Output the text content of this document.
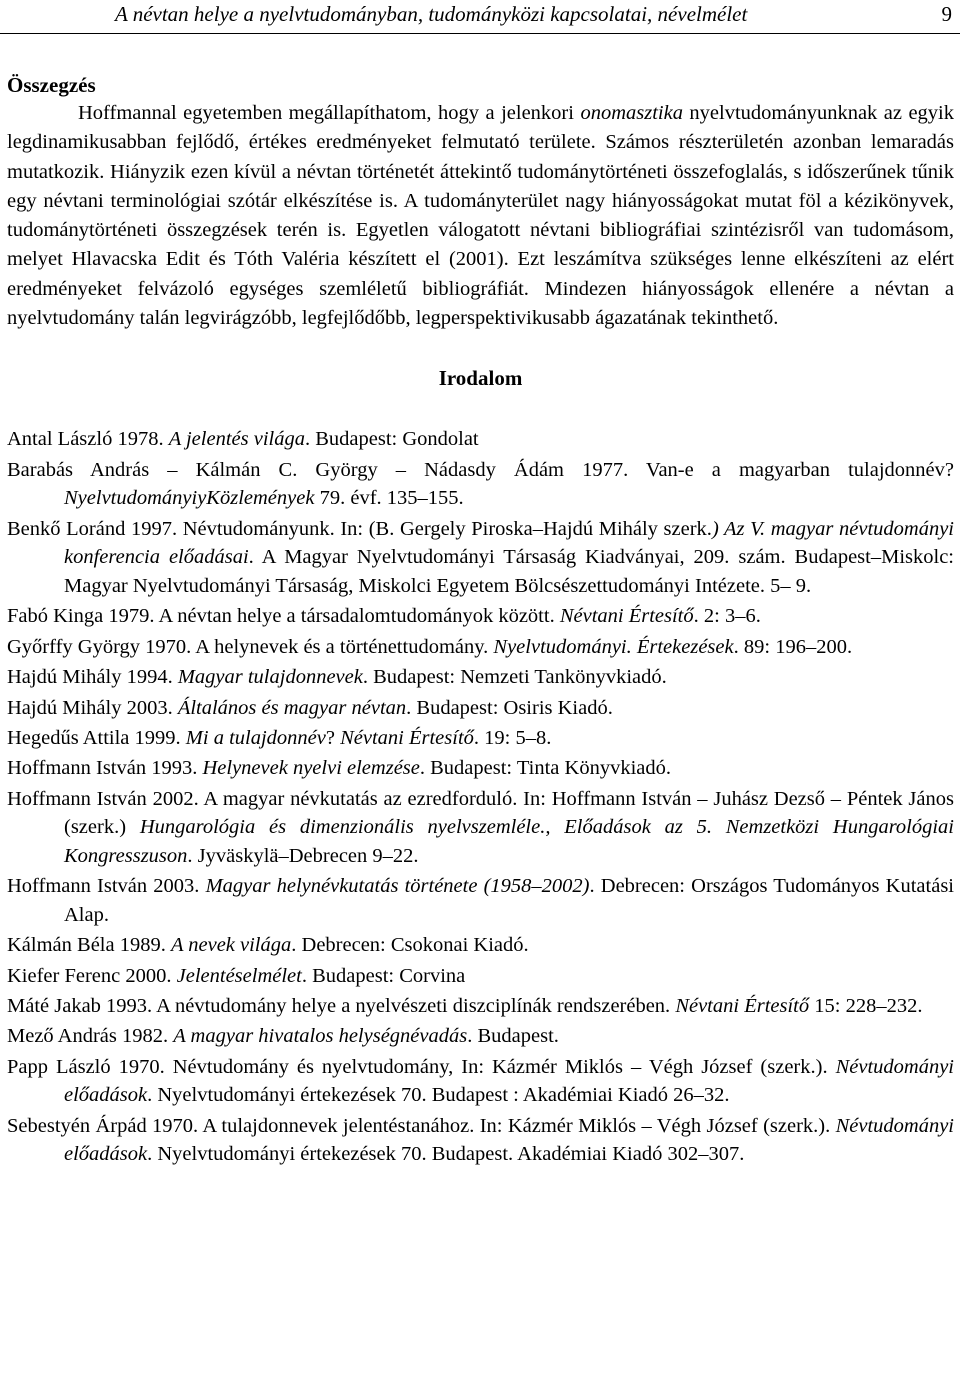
A névtan helye a nyelvtudományban, tudományközi kapcsolatai, névelmélet	9
Összegzés

Hoffmannal egyetemben megállapíthatom, hogy a jelenkori onomasztika nyelvtudományunknak az egyik legdinamikusabban fejlődő, értékes eredményeket felmutató területe. Számos részterületén azonban lemaradás mutatkozik. Hiányzik ezen kívül a névtan történetét áttekintő tudománytörténeti összefoglalás, s időszerűnek tűnik egy névtani terminológiai szótár elkészítése is. A tudományterület nagy hiányosságokat mutat föl a kézikönyvek, tudománytörténeti összegzések terén is. Egyetlen válogatott névtani bibliográfiai szintézisről van tudomásom, melyet Hlavacska Edit és Tóth Valéria készített el (2001). Ezt leszámítva szükséges lenne elkészíteni az elért eredményeket felvázoló egységes szemléletű bibliográfiát. Mindezen hiányosságok ellenére a névtan a nyelvtudomány talán legvirágzóbb, legfejlődőbb, legperspektivikusabb ágazatának tekinthető.

Irodalom
Antal László 1978. A jelentés világa. Budapest: Gondolat
Barabás András – Kálmán C. György – Nádasdy Ádám 1977. Van-e a magyarban tulajdonnév? NyelvtudományiyKözlemények 79. évf. 135–155.
Benkő Loránd 1997. Névtudományunk. In: (B. Gergely Piroska–Hajdú Mihály szerk.) Az V. magyar névtudományi konferencia előadásai. A Magyar Nyelvtudományi Társaság Kiadványai, 209. szám. Budapest–Miskolc: Magyar Nyelvtudományi Társaság, Miskolci Egyetem Bölcsészettudományi Intézete. 5– 9.
Fabó Kinga 1979. A névtan helye a társadalomtudományok között. Névtani Értesítő. 2: 3–6.
Győrffy György 1970. A helynevek és a történettudomány. Nyelvtudományi. Értekezések. 89: 196–200.
Hajdú Mihály 1994. Magyar tulajdonnevek. Budapest: Nemzeti Tankönyvkiadó.
Hajdú Mihály 2003. Általános és magyar névtan. Budapest: Osiris Kiadó.
Hegedűs Attila 1999. Mi a tulajdonnév? Névtani Értesítő. 19: 5–8.
Hoffmann István 1993. Helynevek nyelvi elemzése. Budapest: Tinta Könyvkiadó.
Hoffmann István 2002. A magyar névkutatás az ezredforduló. In: Hoffmann István – Juhász Dezső – Péntek János (szerk.) Hungarológia és dimenzionális nyelvszemléle., Előadások az 5. Nemzetközi Hungarológiai Kongresszuson. Jyväskylä–Debrecen 9–22.
Hoffmann István 2003. Magyar helynévkutatás története (1958–2002). Debrecen: Országos Tudományos Kutatási Alap.
Kálmán Béla 1989. A nevek világa. Debrecen: Csokonai Kiadó.
Kiefer Ferenc 2000. Jelentéselmélet. Budapest: Corvina
Máté Jakab 1993. A névtudomány helye a nyelvészeti diszciplínák rendszerében. Névtani Értesítő 15: 228–232.
Mező András 1982. A magyar hivatalos helységnévadás. Budapest.
Papp László 1970. Névtudomány és nyelvtudomány, In: Kázmér Miklós – Végh József (szerk.). Névtudományi előadások. Nyelvtudományi értekezések 70. Budapest : Akadémiai Kiadó 26–32.
Sebestyén Árpád 1970. A tulajdonnevek jelentéstanához. In: Kázmér Miklós – Végh József (szerk.). Névtudományi előadások. Nyelvtudományi értekezések 70. Budapest. Akadémiai Kiadó 302–307.
